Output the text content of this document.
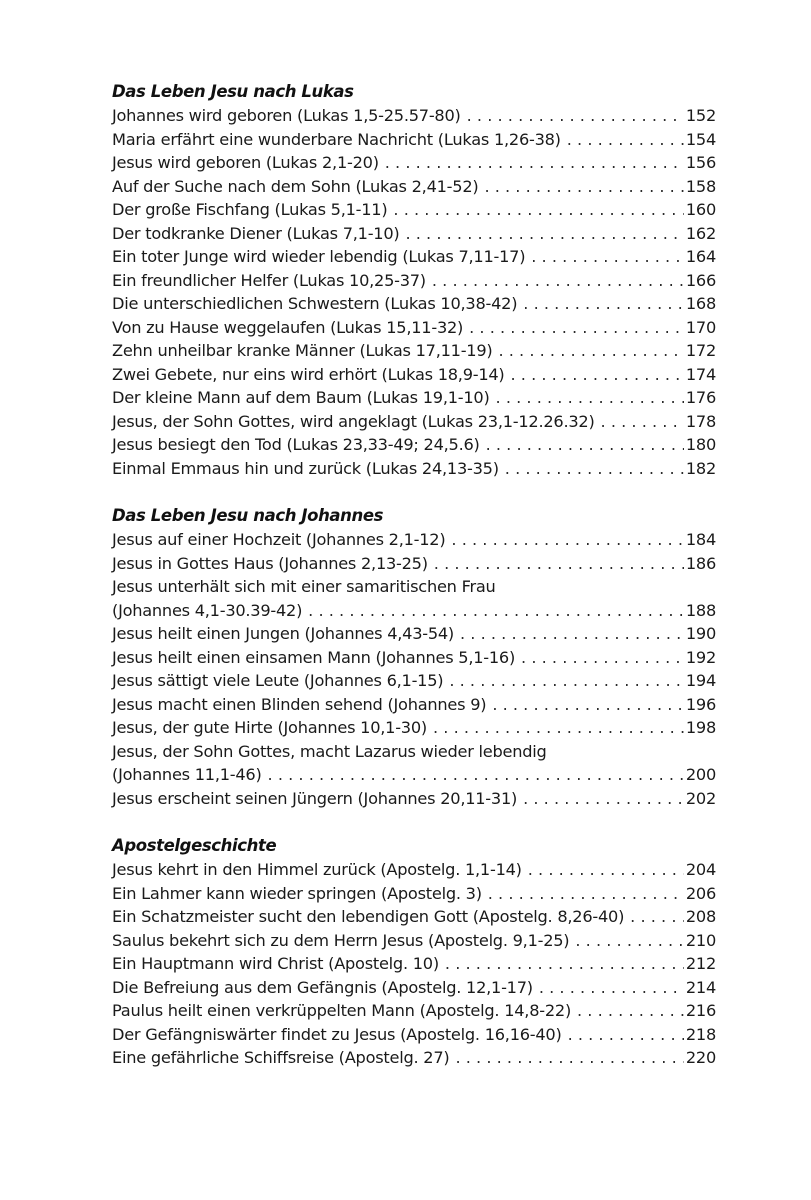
Das Leben Jesu nach Lukas
Johannes wird geboren (Lukas 1,5-25.57-80) . . .	152
Maria erfährt eine wunderbare Nachricht (Lukas 1,26-38) . . .	154
Jesus wird geboren (Lukas 2,1-20) . . .	156
Auf der Suche nach dem Sohn (Lukas 2,41-52) . . .	158
Der große Fischfang (Lukas 5,1-11) . . .	160
Der todkranke Diener (Lukas 7,1-10) . . .	162
Ein toter Junge wird wieder lebendig (Lukas 7,11-17) . . .	164
Ein freundlicher Helfer (Lukas 10,25-37) . . .	166
Die unterschiedlichen Schwestern (Lukas 10,38-42) . . .	168
Von zu Hause weggelaufen (Lukas 15,11-32) . . .	170
Zehn unheilbar kranke Männer (Lukas 17,11-19) . . .	172
Zwei Gebete, nur eins wird erhört (Lukas 18,9-14) . . .	174
Der kleine Mann auf dem Baum (Lukas 19,1-10) . . .	176
Jesus, der Sohn Gottes, wird angeklagt (Lukas 23,1-12.26.32) . . .	178
Jesus besiegt den Tod (Lukas 23,33-49; 24,5.6) . . .	180
Einmal Emmaus hin und zurück (Lukas 24,13-35) . . .	182
Das Leben Jesu nach Johannes
Jesus auf einer Hochzeit (Johannes 2,1-12) . . .	184
Jesus in Gottes Haus (Johannes 2,13-25) . . .	186
Jesus unterhält sich mit einer samaritischen Frau
(Johannes 4,1-30.39-42) . . .	188
Jesus heilt einen Jungen (Johannes 4,43-54) . . .	190
Jesus heilt einen einsamen Mann (Johannes 5,1-16) . . .	192
Jesus sättigt viele Leute (Johannes 6,1-15) . . .	194
Jesus macht einen Blinden sehend (Johannes 9) . . .	196
Jesus, der gute Hirte (Johannes 10,1-30) . . .	198
Jesus, der Sohn Gottes, macht Lazarus wieder lebendig
(Johannes 11,1-46) . . .	200
Jesus erscheint seinen Jüngern (Johannes 20,11-31) . . .	202
Apostelgeschichte
Jesus kehrt in den Himmel zurück (Apostelg. 1,1-14) . . .	204
Ein Lahmer kann wieder springen (Apostelg. 3) . . .	206
Ein Schatzmeister sucht den lebendigen Gott (Apostelg. 8,26-40) . . .	208
Saulus bekehrt sich zu dem Herrn Jesus (Apostelg. 9,1-25) . . .	210
Ein Hauptmann wird Christ (Apostelg. 10) . . .	212
Die Befreiung aus dem Gefängnis (Apostelg. 12,1-17) . . .	214
Paulus heilt einen verkrüppelten Mann (Apostelg. 14,8-22) . . .	216
Der Gefängniswärter findet zu Jesus (Apostelg. 16,16-40) . . .	218
Eine gefährliche Schiffsreise (Apostelg. 27) . . .	220
